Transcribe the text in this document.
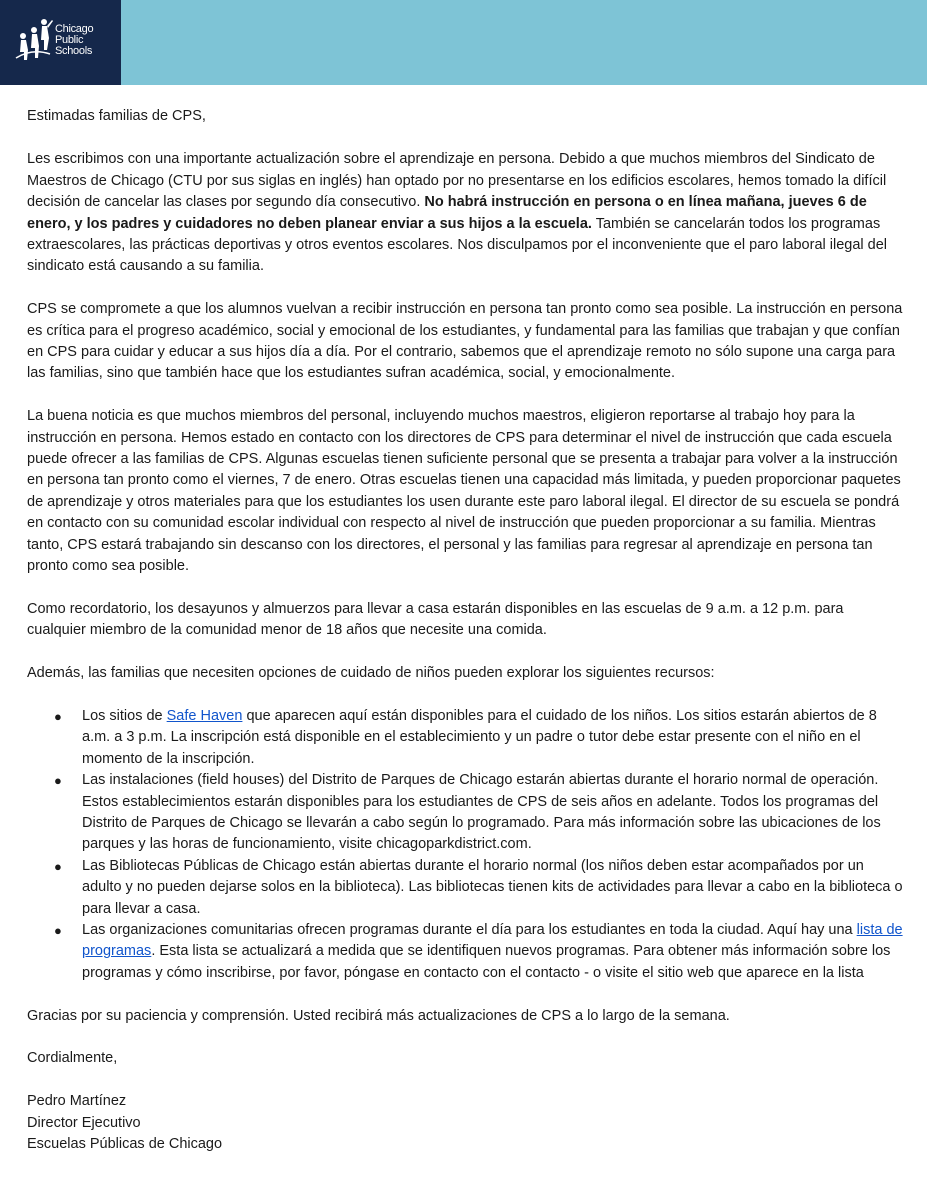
Chicago
Public
Schools

Estimadas familias de CPS,

Les escribimos con una importante actualización sobre el aprendizaje en persona. Debido a que muchos miembros del Sindicato de Maestros de Chicago (CTU por sus siglas en inglés) han optado por no presentarse en los edificios escolares, hemos tomado la difícil decisión de cancelar las clases por segundo día consecutivo. No habrá instrucción en persona o en línea mañana, jueves 6 de enero, y los padres y cuidadores no deben planear enviar a sus hijos a la escuela. También se cancelarán todos los programas extraescolares, las prácticas deportivas y otros eventos escolares. Nos disculpamos por el inconveniente que el paro laboral ilegal del sindicato está causando a su familia.

CPS se compromete a que los alumnos vuelvan a recibir instrucción en persona tan pronto como sea posible. La instrucción en persona es crítica para el progreso académico, social y emocional de los estudiantes, y fundamental para las familias que trabajan y que confían en CPS para cuidar y educar a sus hijos día a día. Por el contrario, sabemos que el aprendizaje remoto no sólo supone una carga para las familias, sino que también hace que los estudiantes sufran académica, social, y emocionalmente.

La buena noticia es que muchos miembros del personal, incluyendo muchos maestros, eligieron reportarse al trabajo hoy para la instrucción en persona. Hemos estado en contacto con los directores de CPS para determinar el nivel de instrucción que cada escuela puede ofrecer a las familias de CPS. Algunas escuelas tienen suficiente personal que se presenta a trabajar para volver a la instrucción en persona tan pronto como el viernes, 7 de enero. Otras escuelas tienen una capacidad más limitada, y pueden proporcionar paquetes de aprendizaje y otros materiales para que los estudiantes los usen durante este paro laboral ilegal. El director de su escuela se pondrá en contacto con su comunidad escolar individual con respecto al nivel de instrucción que pueden proporcionar a su familia. Mientras tanto, CPS estará trabajando sin descanso con los directores, el personal y las familias para regresar al aprendizaje en persona tan pronto como sea posible.

Como recordatorio, los desayunos y almuerzos para llevar a casa estarán disponibles en las escuelas de 9 a.m. a 12 p.m. para cualquier miembro de la comunidad menor de 18 años que necesite una comida.

Además, las familias que necesiten opciones de cuidado de niños pueden explorar los siguientes recursos:

● Los sitios de Safe Haven que aparecen aquí están disponibles para el cuidado de los niños. Los sitios estarán abiertos de 8 a.m. a 3 p.m. La inscripción está disponible en el establecimiento y un padre o tutor debe estar presente con el niño en el momento de la inscripción.
● Las instalaciones (field houses) del Distrito de Parques de Chicago estarán abiertas durante el horario normal de operación. Estos establecimientos estarán disponibles para los estudiantes de CPS de seis años en adelante. Todos los programas del Distrito de Parques de Chicago se llevarán a cabo según lo programado. Para más información sobre las ubicaciones de los parques y las horas de funcionamiento, visite chicagoparkdistrict.com.
● Las Bibliotecas Públicas de Chicago están abiertas durante el horario normal (los niños deben estar acompañados por un adulto y no pueden dejarse solos en la biblioteca). Las bibliotecas tienen kits de actividades para llevar a cabo en la biblioteca o para llevar a casa.
● Las organizaciones comunitarias ofrecen programas durante el día para los estudiantes en toda la ciudad. Aquí hay una lista de programas. Esta lista se actualizará a medida que se identifiquen nuevos programas. Para obtener más información sobre los programas y cómo inscribirse, por favor, póngase en contacto con el contacto - o visite el sitio web que aparece en la lista

Gracias por su paciencia y comprensión. Usted recibirá más actualizaciones de CPS a lo largo de la semana.

Cordialmente,

Pedro Martínez

Director Ejecutivo

Escuelas Públicas de Chicago
